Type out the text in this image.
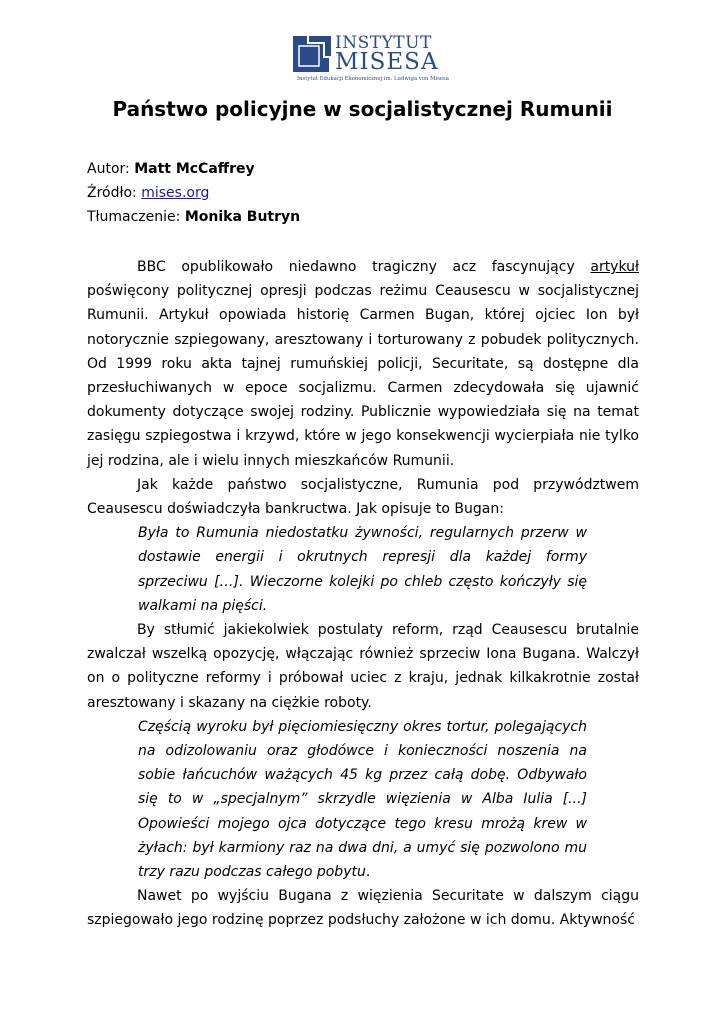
INSTYTUT
MISESA
Instytut Edukacji Ekonomicznej im. Ludwiga von Misesa
Państwo policyjne w socjalistycznej Rumunii
Autor: Matt McCaffrey
Źródło: mises.org
Tłumaczenie: Monika Butryn

BBC opublikowało niedawno tragiczny acz fascynujący artykuł poświęcony politycznej opresji podczas reżimu Ceausescu w socjalistycznej Rumunii. Artykuł opowiada historię Carmen Bugan, której ojciec Ion był notorycznie szpiegowany, aresztowany i torturowany z pobudek politycznych. Od 1999 roku akta tajnej rumuńskiej policji, Securitate, są dostępne dla przesłuchiwanych w epoce socjalizmu. Carmen zdecydowała się ujawnić dokumenty dotyczące swojej rodziny. Publicznie wypowiedziała się na temat zasięgu szpiegostwa i krzywd, które w jego konsekwencji wycierpiała nie tylko jej rodzina, ale i wielu innych mieszkańców Rumunii.

Jak każde państwo socjalistyczne, Rumunia pod przywództwem Ceausescu doświadczyła bankructwa. Jak opisuje to Bugan:

Była to Rumunia niedostatku żywności, regularnych przerw w dostawie energii i okrutnych represji dla każdej formy sprzeciwu […]. Wieczorne kolejki po chleb często kończyły się walkami na pięści.

By stłumić jakiekolwiek postulaty reform, rząd Ceausescu brutalnie zwalczał wszelką opozycję, włączając również sprzeciw Iona Bugana. Walczył on o polityczne reformy i próbował uciec z kraju, jednak kilkakrotnie został aresztowany i skazany na ciężkie roboty.

Częścią wyroku był pięciomiesięczny okres tortur, polegających na odizolowaniu oraz głodówce i konieczności noszenia na sobie łańcuchów ważących 45 kg przez całą dobę. Odbywało się to w „specjalnym” skrzydle więzienia w Alba Iulia [...] Opowieści mojego ojca dotyczące tego kresu mrożą krew w żyłach: był karmiony raz na dwa dni, a umyć się pozwolono mu trzy razu podczas całego pobytu.

Nawet po wyjściu Bugana z więzienia Securitate w dalszym ciągu szpiegowało jego rodzinę poprzez podsłuchy założone w ich domu. Aktywność
